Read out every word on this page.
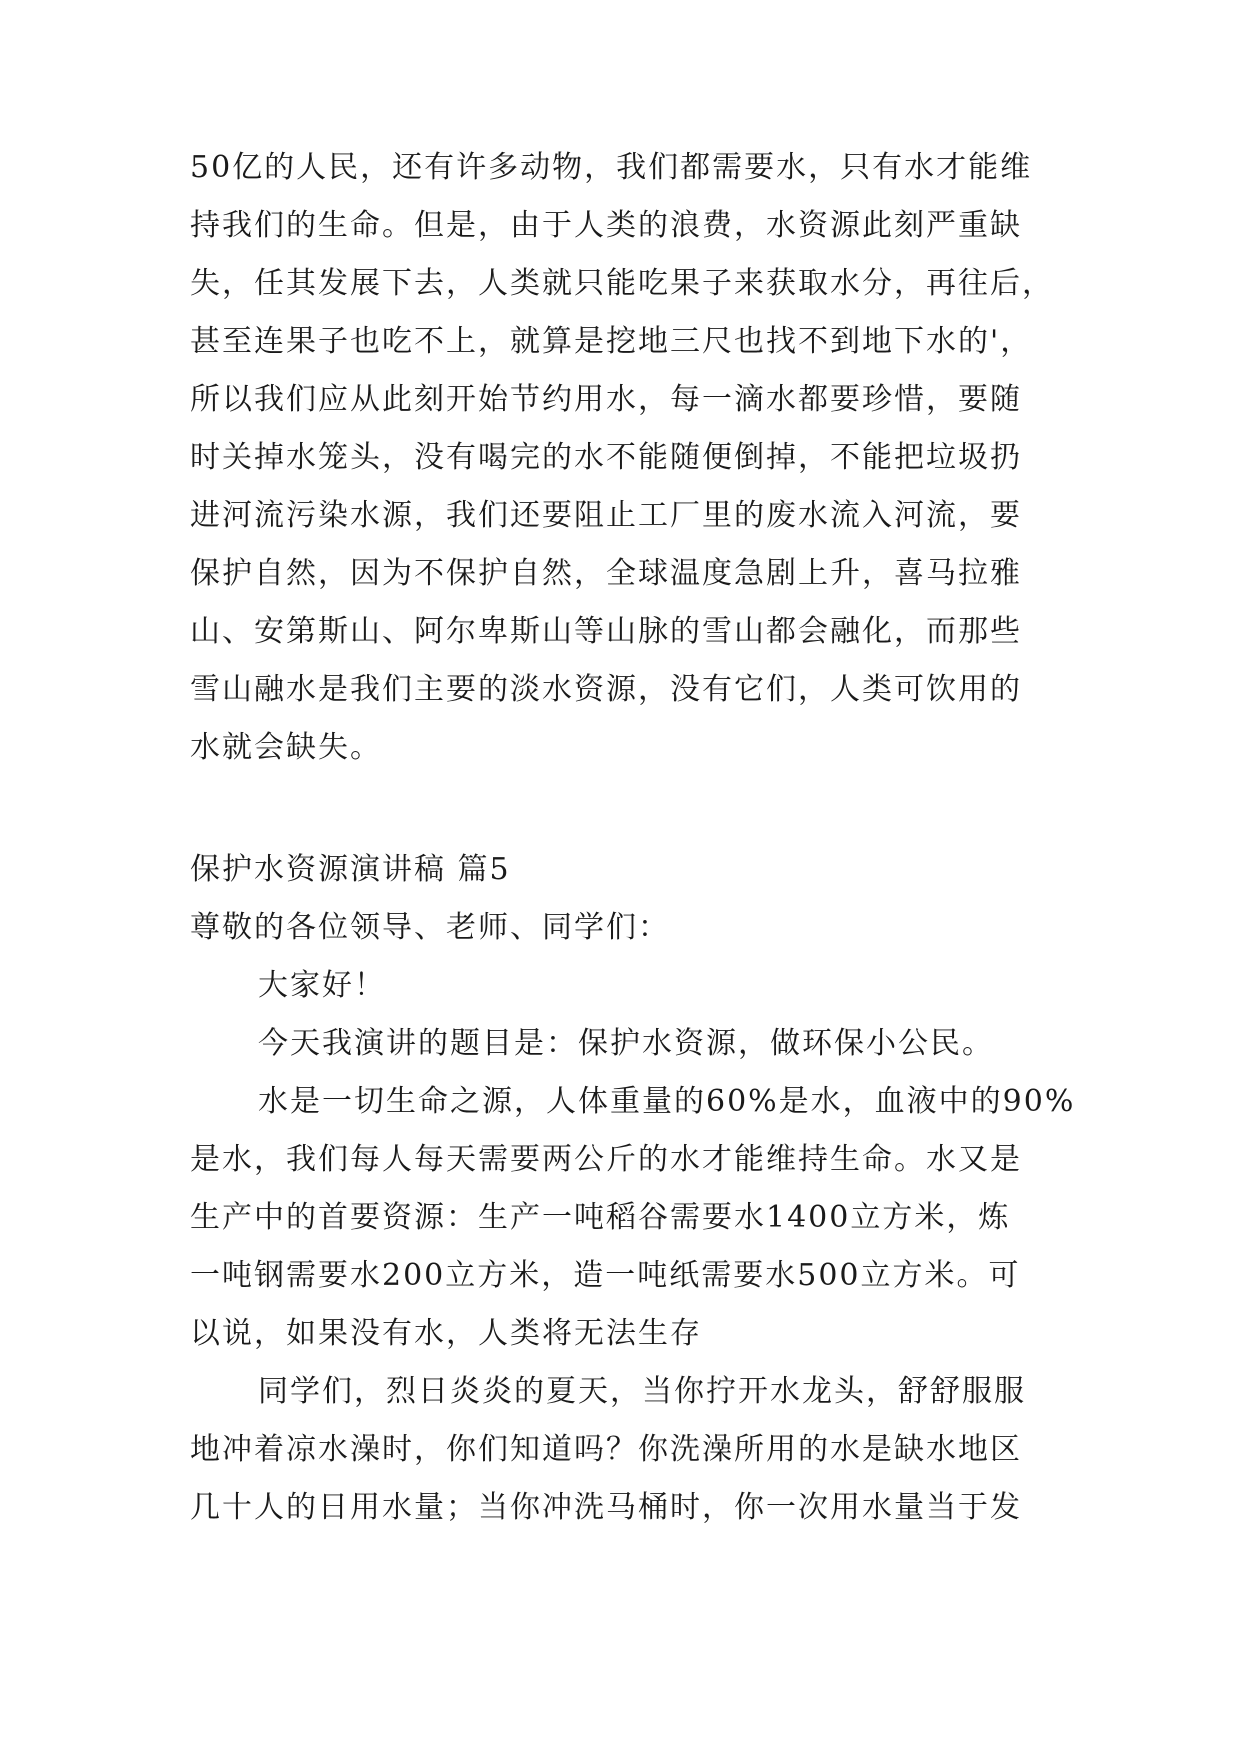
50亿的人民，还有许多动物，我们都需要水，只有水才能维
持我们的生命。但是，由于人类的浪费，水资源此刻严重缺
失，任其发展下去，人类就只能吃果子来获取水分，再往后，
甚至连果子也吃不上，就算是挖地三尺也找不到地下水的'，
所以我们应从此刻开始节约用水，每一滴水都要珍惜，要随
时关掉水笼头，没有喝完的水不能随便倒掉，不能把垃圾扔
进河流污染水源，我们还要阻止工厂里的废水流入河流，要
保护自然，因为不保护自然，全球温度急剧上升，喜马拉雅
山、安第斯山、阿尔卑斯山等山脉的雪山都会融化，而那些
雪山融水是我们主要的淡水资源，没有它们，人类可饮用的
水就会缺失。
保护水资源演讲稿 篇5
尊敬的各位领导、老师、同学们：
大家好！
今天我演讲的题目是：保护水资源，做环保小公民。
水是一切生命之源，人体重量的60%是水，血液中的90%
是水，我们每人每天需要两公斤的水才能维持生命。水又是
生产中的首要资源：生产一吨稻谷需要水1400立方米，炼
一吨钢需要水200立方米，造一吨纸需要水500立方米。可
以说，如果没有水，人类将无法生存
同学们，烈日炎炎的夏天，当你拧开水龙头，舒舒服服
地冲着凉水澡时，你们知道吗？你洗澡所用的水是缺水地区
几十人的日用水量；当你冲洗马桶时，你一次用水量当于发
